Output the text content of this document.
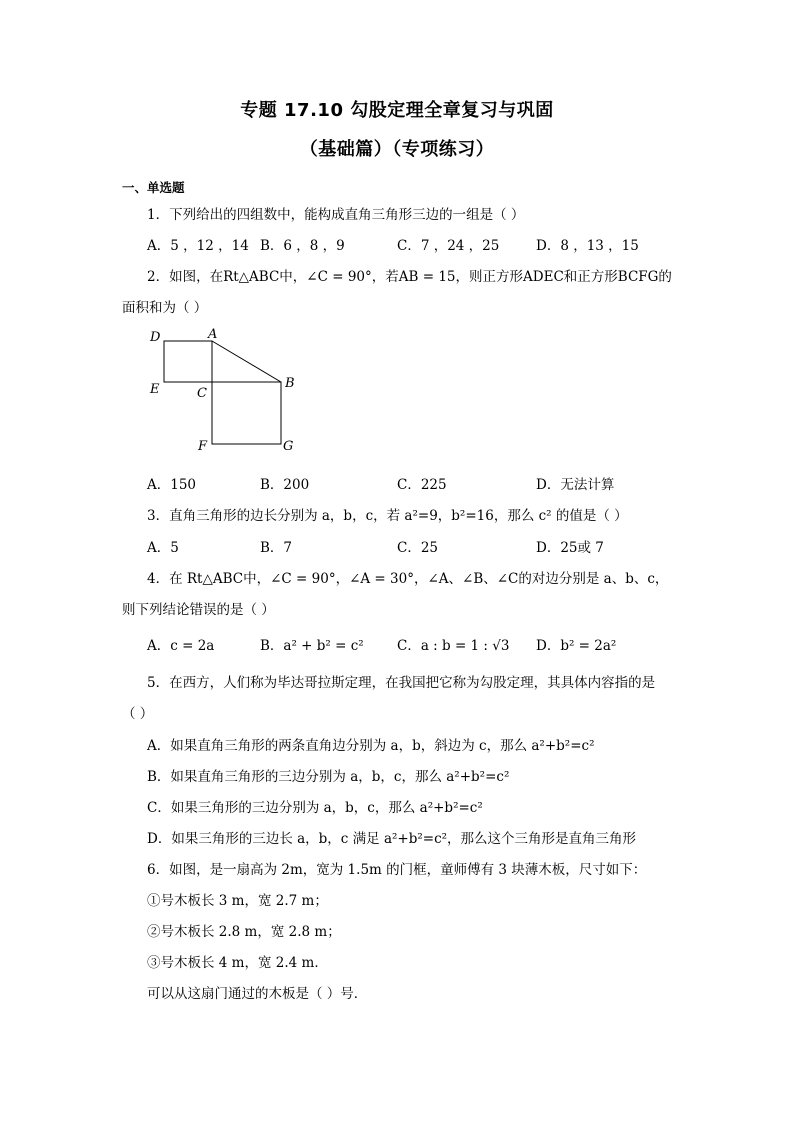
专题 17.10 勾股定理全章复习与巩固
（基础篇）（专项练习）
一、单选题
1．下列给出的四组数中，能构成直角三角形三边的一组是（ ）
A．5 ，12 ，14 B．6 ，8 ，9	C．7 ，24 ，25	D．8 ，13 ，15
2．如图，在Rt△ABC中，∠C = 90°，若AB = 15，则正方形ADEC和正方形BCFG的
面积和为（ ）
D	A
E	C
B
F	G
A．150	B．200	C．225	D．无法计算
3．直角三角形的边长分别为 a，b，c，若 a²=9，b²=16，那么 c² 的值是（ ）
A．5	B．7	C．25	D．25或 7
4．在 Rt△ABC中，∠C = 90°，∠A = 30°，∠A、∠B、∠C的对边分别是 a、b、c，
则下列结论错误的是（ ）
A．c = 2a	B．a² + b² = c² C．a : b = 1 : √3 D．b² = 2a²
5．在西方，人们称为毕达哥拉斯定理，在我国把它称为勾股定理，其具体内容指的是
（ ）
A．如果直角三角形的两条直角边分别为 a，b，斜边为 c，那么 a²+b²=c²
B．如果直角三角形的三边分别为 a，b，c，那么 a²+b²=c²
C．如果三角形的三边分别为 a，b，c，那么 a²+b²=c²
D．如果三角形的三边长 a，b，c 满足 a²+b²=c²，那么这个三角形是直角三角形
6．如图，是一扇高为 2m，宽为 1.5m 的门框，童师傅有 3 块薄木板，尺寸如下：
①号木板长 3 m，宽 2.7 m；
②号木板长 2.8 m，宽 2.8 m；
③号木板长 4 m，宽 2.4 m．
可以从这扇门通过的木板是（ ）号．
